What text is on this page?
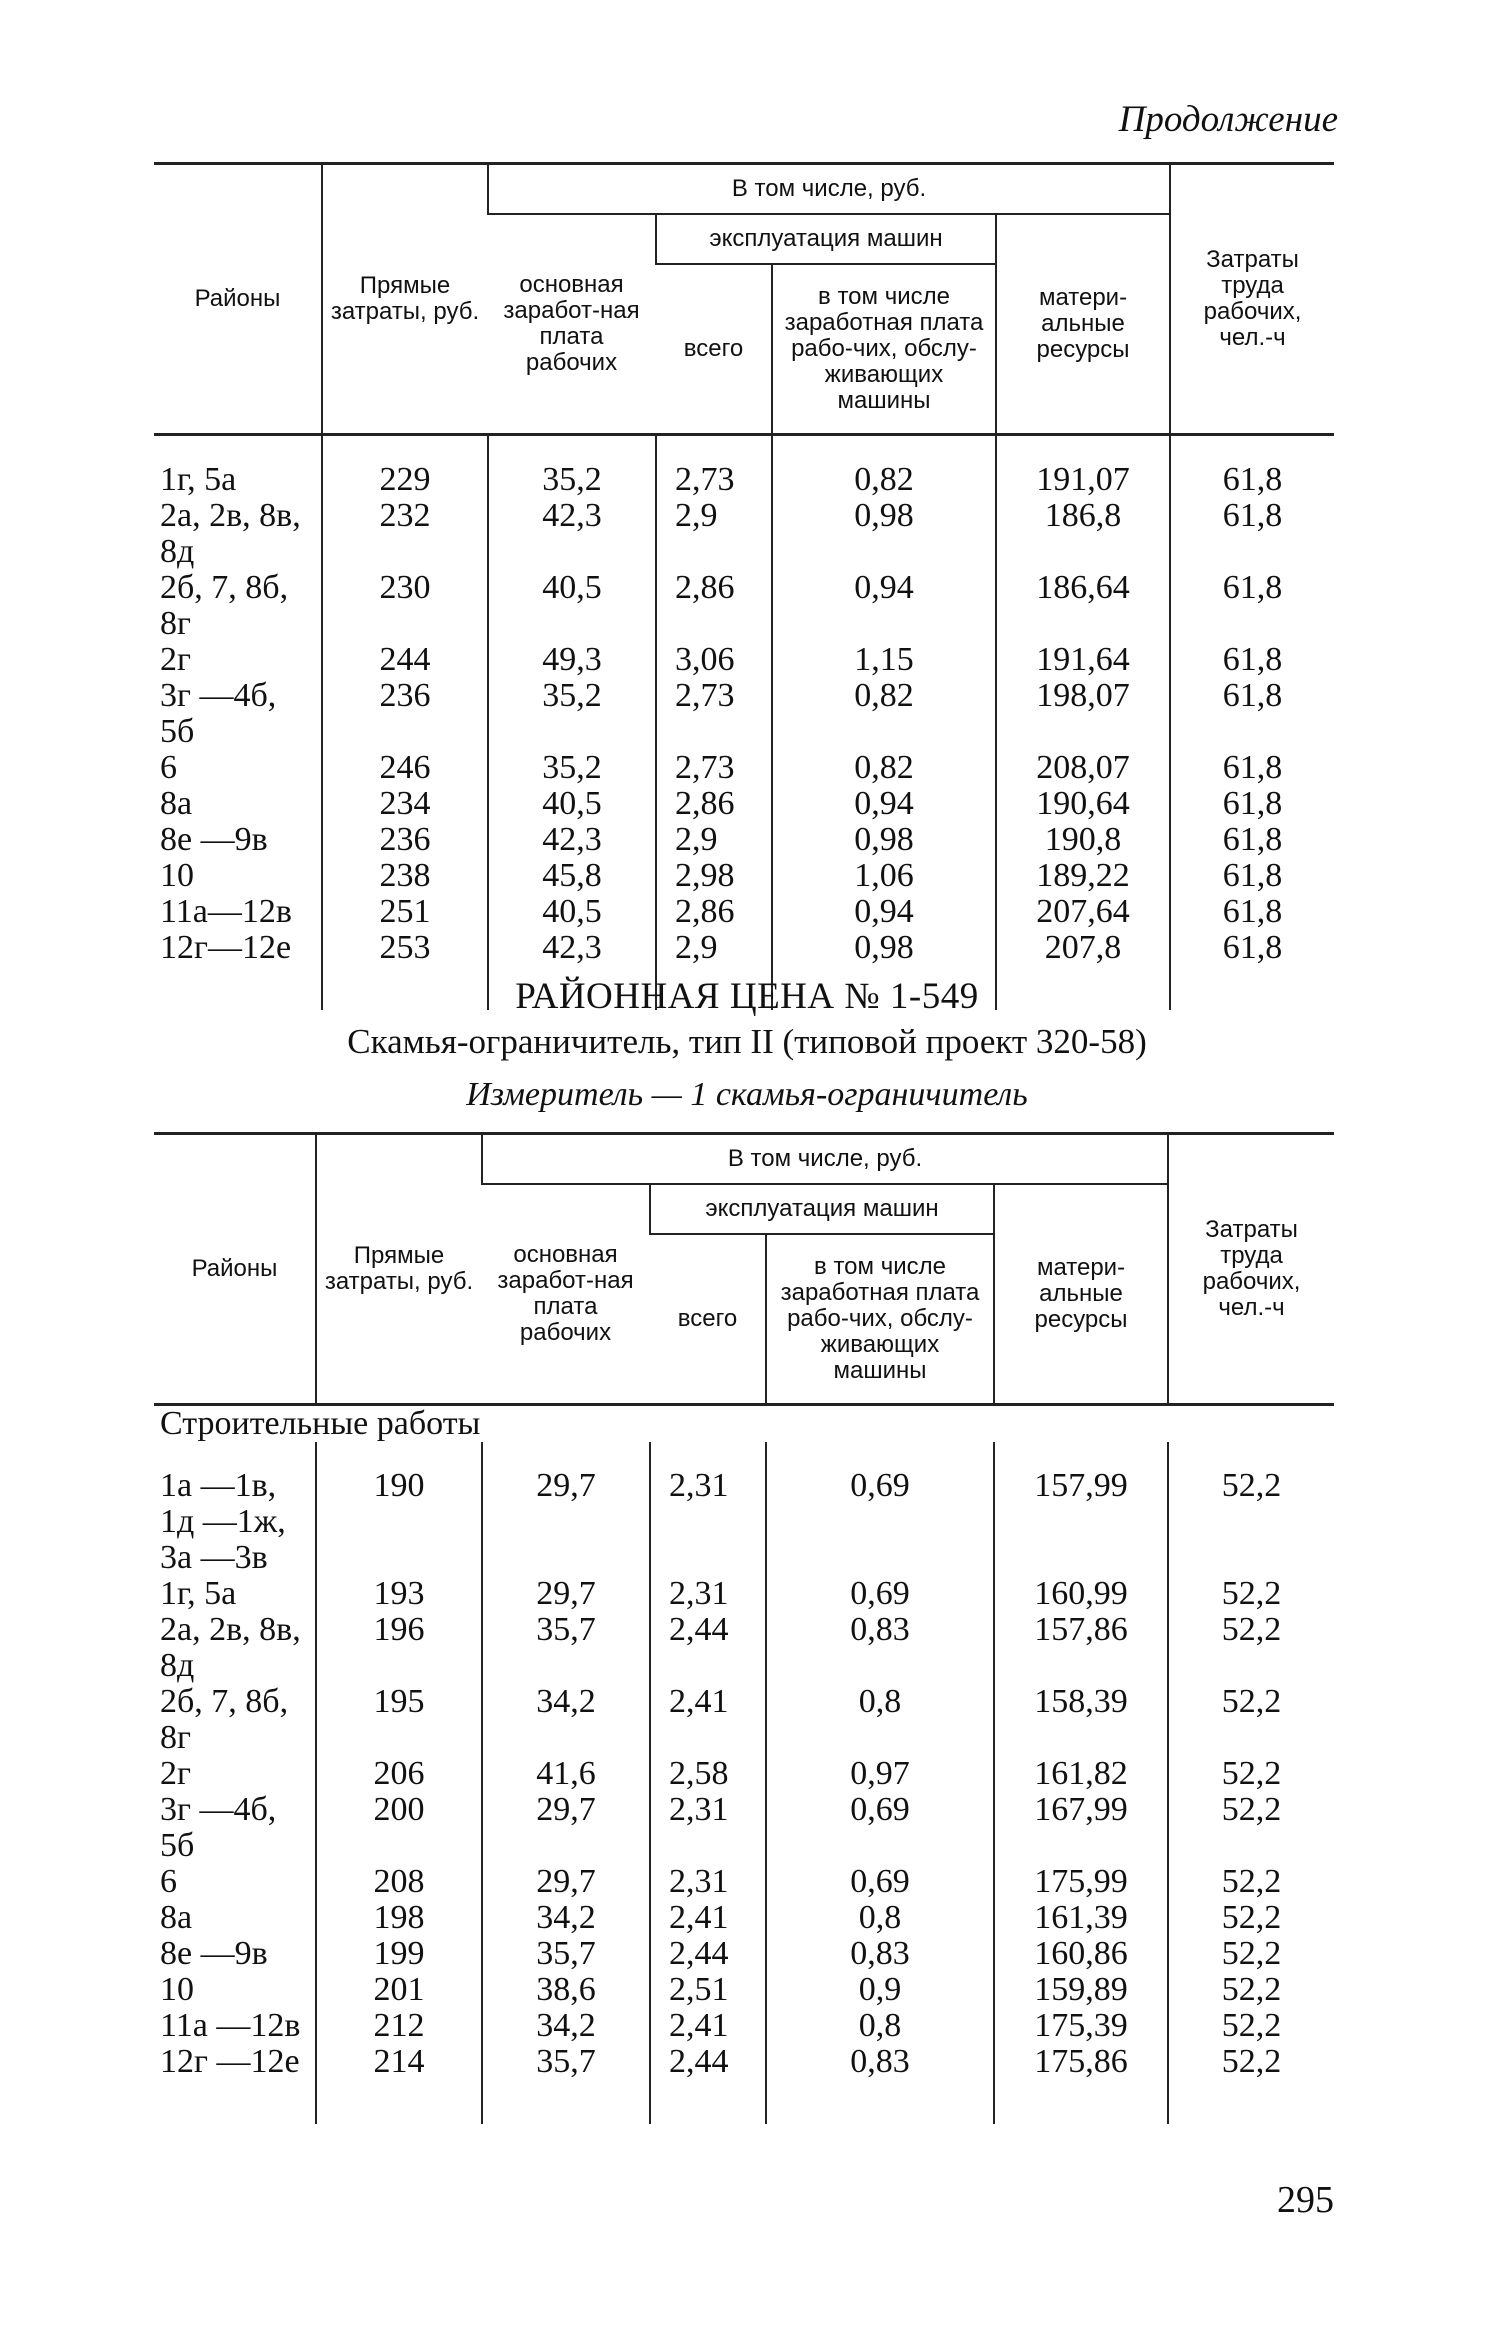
Продолжение
Районы	Прямые затраты, руб.	В том числе, руб.				Затраты труда рабочих, чел.-ч
		основная заработ-ная плата рабочих	эксплуатация машин		матери-альные ресурсы	
			всего	в том числе заработная плата рабо-чих, обслу-живающих машины		

1г, 5а	229	35,2	2,73	0,82	191,07	61,8
2а, 2в, 8в, 8д	232	42,3	2,9	0,98	186,8	61,8
2б, 7, 8б, 8г	230	40,5	2,86	0,94	186,64	61,8
2г	244	49,3	3,06	1,15	191,64	61,8
3г —4б, 5б	236	35,2	2,73	0,82	198,07	61,8
6	246	35,2	2,73	0,82	208,07	61,8
8а	234	40,5	2,86	0,94	190,64	61,8
8е —9в	236	42,3	2,9	0,98	190,8	61,8
10	238	45,8	2,98	1,06	189,22	61,8
11а—12в	251	40,5	2,86	0,94	207,64	61,8
12г—12е	253	42,3	2,9	0,98	207,8	61,8

РАЙОННАЯ ЦЕНА № 1-549
Скамья-ограничитель, тип II (типовой проект 320-58)
Измеритель — 1 скамья-ограничитель
Районы	Прямые затраты, руб.	В том числе, руб.				Затраты труда рабочих, чел.-ч
		основная заработ-ная плата рабочих	эксплуатация машин		матери-альные ресурсы	
			всего	в том числе заработная плата рабо-чих, обслу-живающих машины		
Строительные работы						

1а —1в, 1д —1ж, 3а —3в	190	29,7	2,31	0,69	157,99	52,2
1г, 5а	193	29,7	2,31	0,69	160,99	52,2
2а, 2в, 8в, 8д	196	35,7	2,44	0,83	157,86	52,2
2б, 7, 8б, 8г	195	34,2	2,41	0,8	158,39	52,2
2г	206	41,6	2,58	0,97	161,82	52,2
3г —4б, 5б	200	29,7	2,31	0,69	167,99	52,2
6	208	29,7	2,31	0,69	175,99	52,2
8а	198	34,2	2,41	0,8	161,39	52,2
8е —9в	199	35,7	2,44	0,83	160,86	52,2
10	201	38,6	2,51	0,9	159,89	52,2
11а —12в	212	34,2	2,41	0,8	175,39	52,2
12г —12е	214	35,7	2,44	0,83	175,86	52,2

295
